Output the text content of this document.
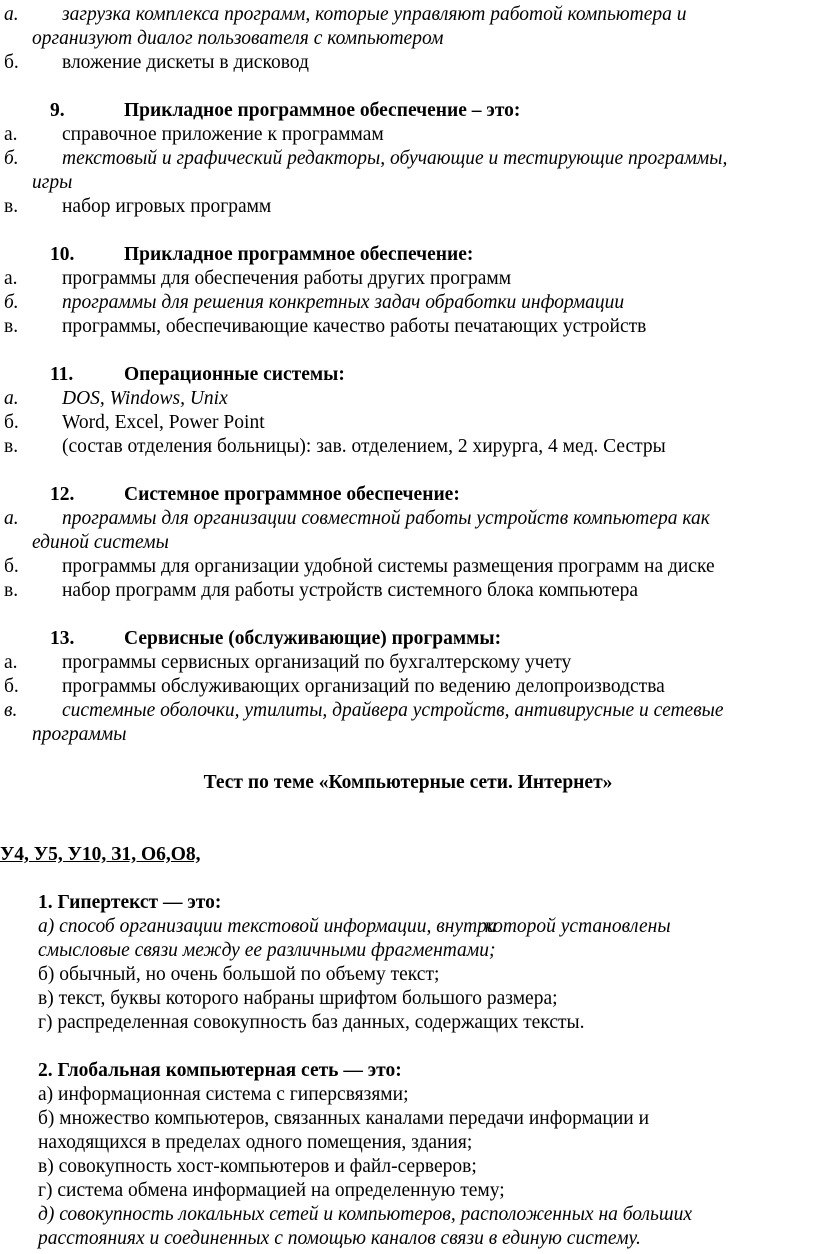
а. загрузка комплекса программ, которые управляют работой компьютера и
организуют диалог пользователя с компьютером
б. вложение дискеты в дисковод
9.	Прикладное программное обеспечение – это:
а. справочное приложение к программам
б. текстовый и графический редакторы, обучающие и тестирующие программы,
игры
в. набор игровых программ
10.	Прикладное программное обеспечение:
а. программы для обеспечения работы других программ
б. программы для решения конкретных задач обработки информации
в. программы, обеспечивающие качество работы печатающих устройств
11.	Операционные системы:
а. DOS, Windows, Unix
б. Word, Excel, Power Point
в. (состав отделения больницы): зав. отделением, 2 хирурга, 4 мед. Сестры
12.	Системное программное обеспечение:
а. программы для организации совместной работы устройств компьютера как
единой системы
б. программы для организации удобной системы размещения программ на диске
в. набор программ для работы устройств системного блока компьютера
13.	Сервисные (обслуживающие) программы:
а. программы сервисных организаций по бухгалтерскому учету
б. программы обслуживающих организаций по ведению делопроизводства
в. системные оболочки, утилиты, драйвера устройств, антивирусные и сетевые
программы
Тест по теме «Компьютерные сети. Интернет»
У4, У5, У10, З1, О6,О8,
1. Гипертекст — это:
а) способ организации текстовой информации, внутрикоторой установлены
смысловые связи между ее различными фрагментами;
б) обычный, но очень большой по объему текст;
в) текст, буквы которого набраны шрифтом большого размера;
г) распределенная совокупность баз данных, содержащих тексты.
2. Глобальная компьютерная сеть — это:
а) информационная система с гиперсвязями;
б) множество компьютеров, связанных каналами передачи информации и
находящихся в пределах одного помещения, здания;
в) совокупность хост-компьютеров и файл-серверов;
г) система обмена информацией на определенную тему;
д) совокупность локальных сетей и компьютеров, расположенных на больших
расстояниях и соединенных с помощью каналов связи в единую систему.
